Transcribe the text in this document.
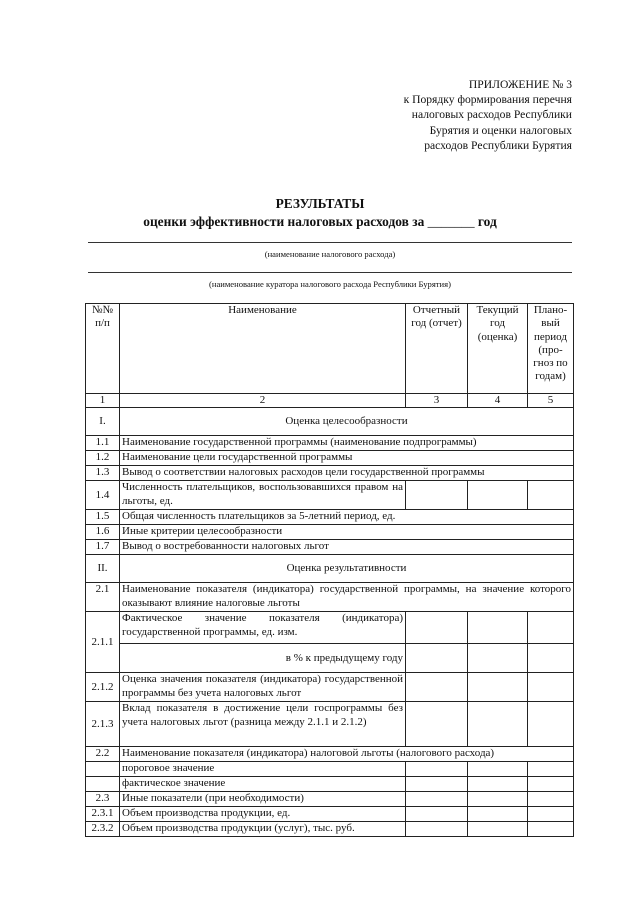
ПРИЛОЖЕНИЕ № 3
к Порядку формирования перечня
налоговых расходов Республики
Бурятия и оценки налоговых
расходов Республики Бурятия
РЕЗУЛЬТАТЫ
оценки эффективности налоговых расходов за _______ год
(наименование налогового расхода)
(наименование куратора налогового расхода Республики Бурятия)
№№ п/п	Наименование	Отчетный год (отчет)	Текущий год (оценка)	Плано-вый период (про-гноз по годам)
1	2	3	4	5
I.	Оценка целесообразности			
1.1	Наименование государственной программы (наименование подпрограммы)			
1.2	Наименование цели государственной программы			
1.3	Вывод о соответствии налоговых расходов цели государственной программы			
1.4	Численность плательщиков, воспользовавшихся правом на льготы, ед.			
1.5	Общая численность плательщиков за 5-летний период, ед.			
1.6	Иные критерии целесообразности			
1.7	Вывод о востребованности налоговых льгот			
II.	Оценка результативности			
2.1	Наименование показателя (индикатора) государственной программы, на значение которого оказывают влияние налоговые льготы			
2.1.1	Фактическое значение показателя (индикатора) государственной программы, ед. изм.			
	в % к предыдущему году			
2.1.2	Оценка значения показателя (индикатора) государственной программы без учета налоговых льгот			
2.1.3	Вклад показателя в достижение цели госпрограммы без учета налоговых льгот (разница между 2.1.1 и 2.1.2)			
2.2	Наименование показателя (индикатора) налоговой льготы (налогового расхода)			
	пороговое значение			
	фактическое значение			
2.3	Иные показатели (при необходимости)			
2.3.1	Объем производства продукции, ед.			
2.3.2	Объем производства продукции (услуг), тыс. руб.			
